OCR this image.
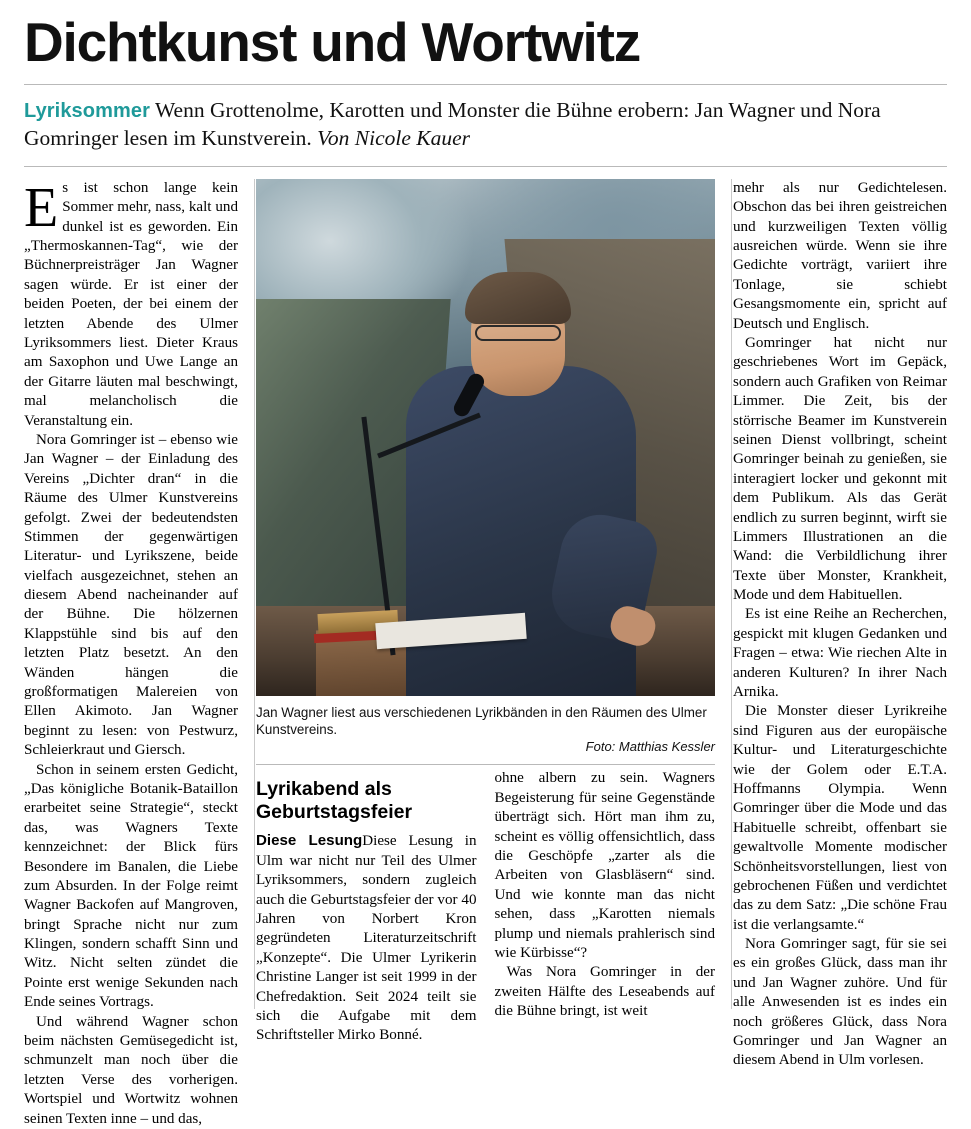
Dichtkunst und Wortwitz
Lyriksommer Wenn Grottenolme, Karotten und Monster die Bühne erobern: Jan Wagner und Nora Gomringer lesen im Kunstverein. Von Nicole Kauer

Es ist schon lange kein Sommer mehr, nass, kalt und dunkel ist es geworden. Ein „Thermoskannen-Tag“, wie der Büchnerpreisträger Jan Wagner sagen würde. Er ist einer der beiden Poeten, der bei einem der letzten Abende des Ulmer Lyriksommers liest. Dieter Kraus am Saxophon und Uwe Lange an der Gitarre läuten mal beschwingt, mal melancholisch die Veranstaltung ein.

Nora Gomringer ist – ebenso wie Jan Wagner – der Einladung des Vereins „Dichter dran“ in die Räume des Ulmer Kunstvereins gefolgt. Zwei der bedeutendsten Stimmen der gegenwärtigen Literatur- und Lyrikszene, beide vielfach ausgezeichnet, stehen an diesem Abend nacheinander auf der Bühne. Die hölzernen Klappstühle sind bis auf den letzten Platz besetzt. An den Wänden hängen die großformatigen Malereien von Ellen Akimoto. Jan Wagner beginnt zu lesen: von Pestwurz, Schleierkraut und Giersch.

Schon in seinem ersten Gedicht, „Das königliche Botanik-Bataillon erarbeitet seine Strategie“, steckt das, was Wagners Texte kennzeichnet: der Blick fürs Besondere im Banalen, die Liebe zum Absurden. In der Folge reimt Wagner Backofen auf Mangroven, bringt Sprache nicht nur zum Klingen, sondern schafft Sinn und Witz. Nicht selten zündet die Pointe erst wenige Sekunden nach Ende seines Vortrags.

Und während Wagner schon beim nächsten Gemüsegedicht ist, schmunzelt man noch über die letzten Verse des vorherigen. Wortspiel und Wortwitz wohnen seinen Texten inne – und das,

Jan Wagner liest aus verschiedenen Lyrikbänden in den Räumen des Ulmer Kunstvereins.
Foto: Matthias Kessler
Lyrikabend als Geburtstagsfeier

Diese LesungDiese Lesung in Ulm war nicht nur Teil des Ulmer Lyriksommers, sondern zugleich auch die Geburtstagsfeier der vor 40 Jahren von Norbert Kron gegründeten Literaturzeitschrift „Konzepte“. Die Ulmer Lyrikerin Christine Langer ist seit 1999 in der Chefredaktion. Seit 2024 teilt sie sich die Aufgabe mit dem Schriftsteller Mirko Bonné.

ohne albern zu sein. Wagners Begeisterung für seine Gegenstände überträgt sich. Hört man ihm zu, scheint es völlig offensichtlich, dass die Geschöpfe „zarter als die Arbeiten von Glasbläsern“ sind. Und wie konnte man das nicht sehen, dass „Karotten niemals plump und niemals prahlerisch sind wie Kürbisse“?

Was Nora Gomringer in der zweiten Hälfte des Leseabends auf die Bühne bringt, ist weit

mehr als nur Gedichtelesen. Obschon das bei ihren geistreichen und kurzweiligen Texten völlig ausreichen würde. Wenn sie ihre Gedichte vorträgt, variiert ihre Tonlage, sie schiebt Gesangsmomente ein, spricht auf Deutsch und Englisch.

Gomringer hat nicht nur geschriebenes Wort im Gepäck, sondern auch Grafiken von Reimar Limmer. Die Zeit, bis der störrische Beamer im Kunstverein seinen Dienst vollbringt, scheint Gomringer beinah zu genießen, sie interagiert locker und gekonnt mit dem Publikum. Als das Gerät endlich zu surren beginnt, wirft sie Limmers Illustrationen an die Wand: die Verbildlichung ihrer Texte über Monster, Krankheit, Mode und dem Habituellen.

Es ist eine Reihe an Recherchen, gespickt mit klugen Gedanken und Fragen – etwa: Wie riechen Alte in anderen Kulturen? In ihrer Nach Arnika.

Die Monster dieser Lyrikreihe sind Figuren aus der europäische Kultur- und Literaturgeschichte wie der Golem oder E.T.A. Hoffmanns Olympia. Wenn Gomringer über die Mode und das Habituelle schreibt, offenbart sie gewaltvolle Momente modischer Schönheitsvorstellungen, liest von gebrochenen Füßen und verdichtet das zu dem Satz: „Die schöne Frau ist die verlangsamte.“

Nora Gomringer sagt, für sie sei es ein großes Glück, dass man ihr und Jan Wagner zuhöre. Und für alle Anwesenden ist es indes ein noch größeres Glück, dass Nora Gomringer und Jan Wagner an diesem Abend in Ulm vorlesen.
